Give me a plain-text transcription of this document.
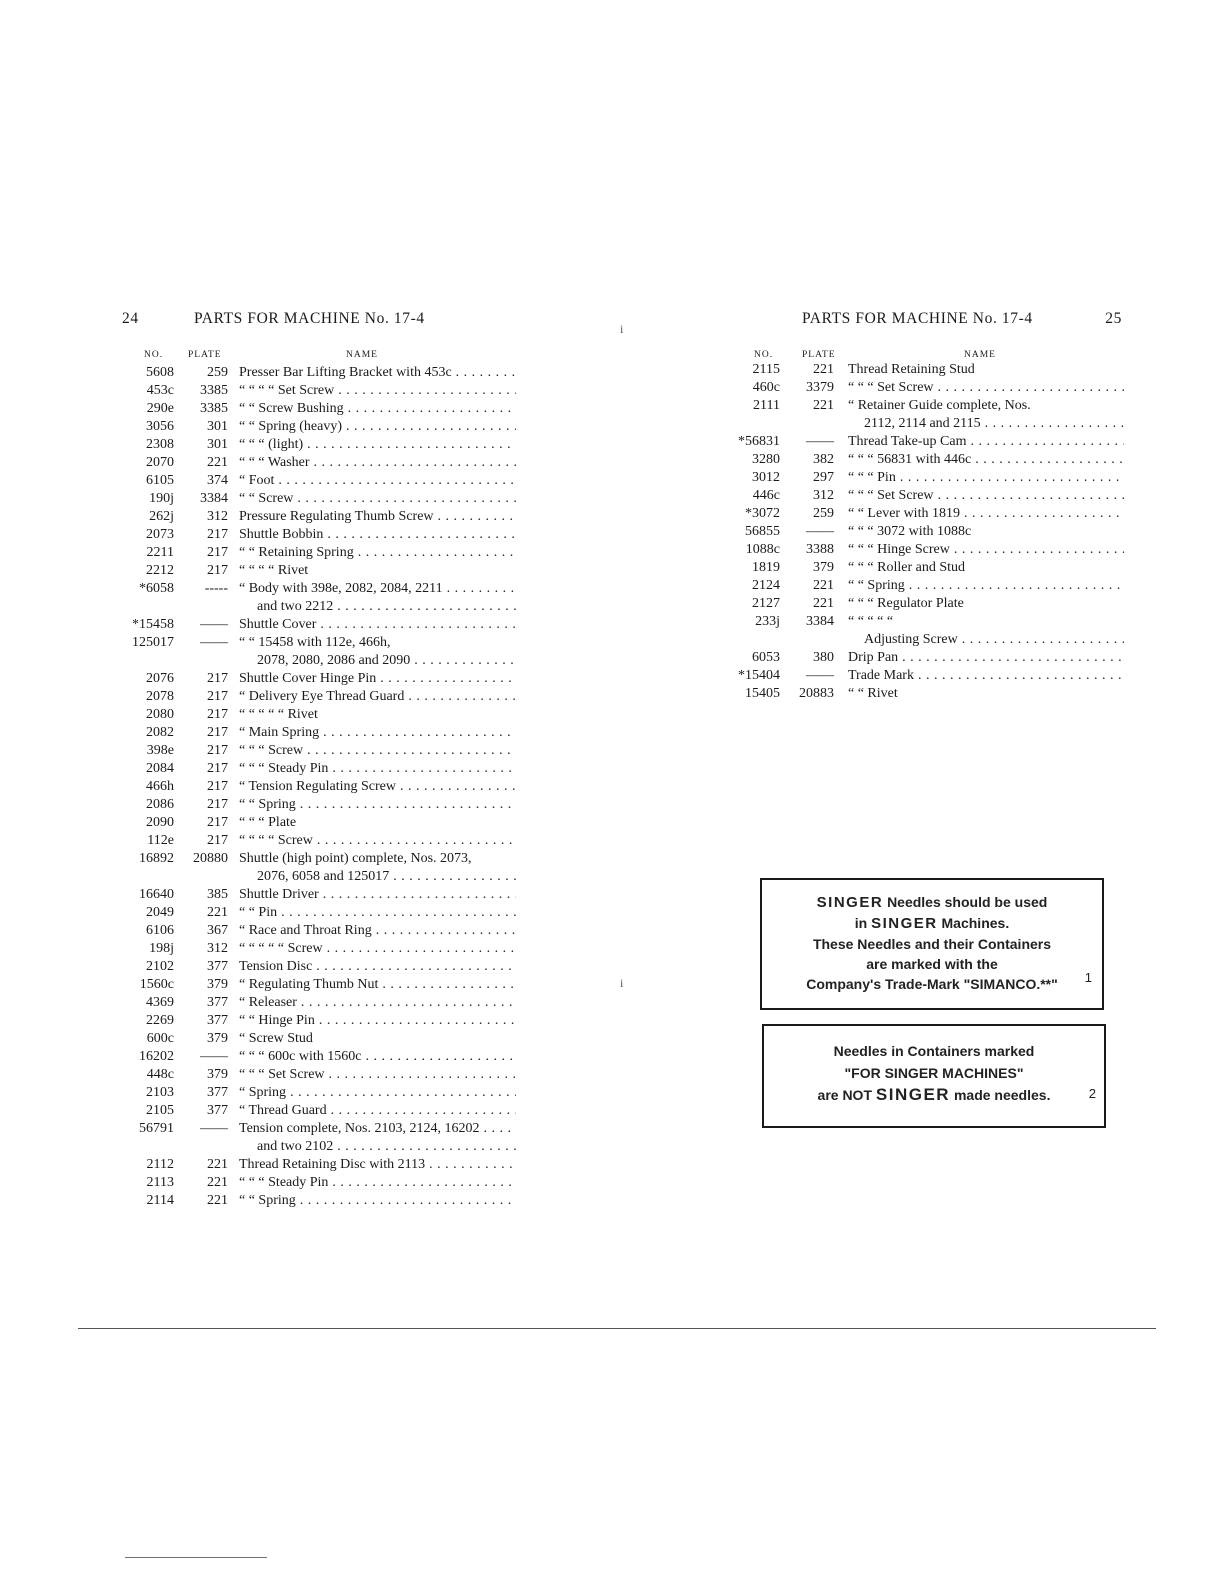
24	PARTS FOR MACHINE No. 17-4
NO.	PLATE	NAME
5608	259 Presser Bar Lifting Bracket with 453c . . .
453c	3385 “ “ “ “ Set Screw . . .
290e	3385 “ “ Screw Bushing . . .
3056	301 “ “ Spring (heavy) . . .
2308	301 “ “ “ (light) . . .
2070	221 “ “ “ Washer . . .
6105	374 “ Foot . . .
190j	3384 “ “ Screw . . .
262j	312 Pressure Regulating Thumb Screw . . .
2073	217 Shuttle Bobbin . . .
2211	217 “ “ Retaining Spring . . .
2212	217 “ “ “ “ Rivet
*6058	----- “ Body with 398e, 2082, 2084, 2211 . . .
and two 2212 . . .
*15458	—— Shuttle Cover . . .
125017	—— “ “ 15458 with 112e, 466h,
2078, 2080, 2086 and 2090 . . .
2076	217 Shuttle Cover Hinge Pin . . .
2078	217 “ Delivery Eye Thread Guard . . .
2080	217 “ “ “ “ “ Rivet
2082	217 “ Main Spring . . .
398e	217 “ “ “ Screw . . .
2084	217 “ “ “ Steady Pin . . .
466h	217 “ Tension Regulating Screw . . .
2086	217 “ “ Spring . . .
2090	217 “ “ “ Plate
112e	217 “ “ “ “ Screw . . .
16892	20880 Shuttle (high point) complete, Nos. 2073,
2076, 6058 and 125017 . . .
16640	385 Shuttle Driver . . .
2049	221 “ “ Pin . . .
6106	367 “ Race and Throat Ring . . .
198j	312 “ “ “ “ “ Screw . . .
2102	377 Tension Disc . . .
1560c	379 “ Regulating Thumb Nut . . .
4369	377 “ Releaser . . .
2269	377 “ “ Hinge Pin . . .
600c	379 “ Screw Stud
16202	—— “ “ “ 600c with 1560c . . .
448c	379 “ “ “ Set Screw . . .
2103	377 “ Spring . . .
2105	377 “ Thread Guard . . .
56791	—— Tension complete, Nos. 2103, 2124, 16202 . . .
and two 2102 . . .
2112	221 Thread Retaining Disc with 2113 . . .
2113	221 “ “ “ Steady Pin . . .
2114	221 “ “ Spring . . .
PARTS FOR MACHINE No. 17-4	25
NO.	PLATE	NAME
2115	221 Thread Retaining Stud
460c	3379 “ “ “ Set Screw . . .
2111	221 “ Retainer Guide complete, Nos.
2112, 2114 and 2115 . . .
*56831	—— Thread Take-up Cam . . .
3280	382 “ “ “ 56831 with 446c . . .
3012	297 “ “ “ Pin . . .
446c	312 “ “ “ Set Screw . . .
*3072	259 “ “ Lever with 1819 . . .
56855	—— “ “ “ 3072 with 1088c
1088c	3388 “ “ “ Hinge Screw . . .
1819	379 “ “ “ Roller and Stud
2124	221 “ “ Spring . . .
2127	221 “ “ “ Regulator Plate
233j	3384 “ “ “ “ “
Adjusting Screw . . .
6053	380 Drip Pan . . .
*15404	—— Trade Mark . . .
15405	20883 “ “ Rivet
SINGER Needles should be used
in SINGER Machines.
These Needles and their Containers
are marked with the
Company's Trade-Mark "SIMANCO.**"	1
Needles in Containers marked
"FOR SINGER MACHINES"
are NOT SINGER made needles.	2
i
i
